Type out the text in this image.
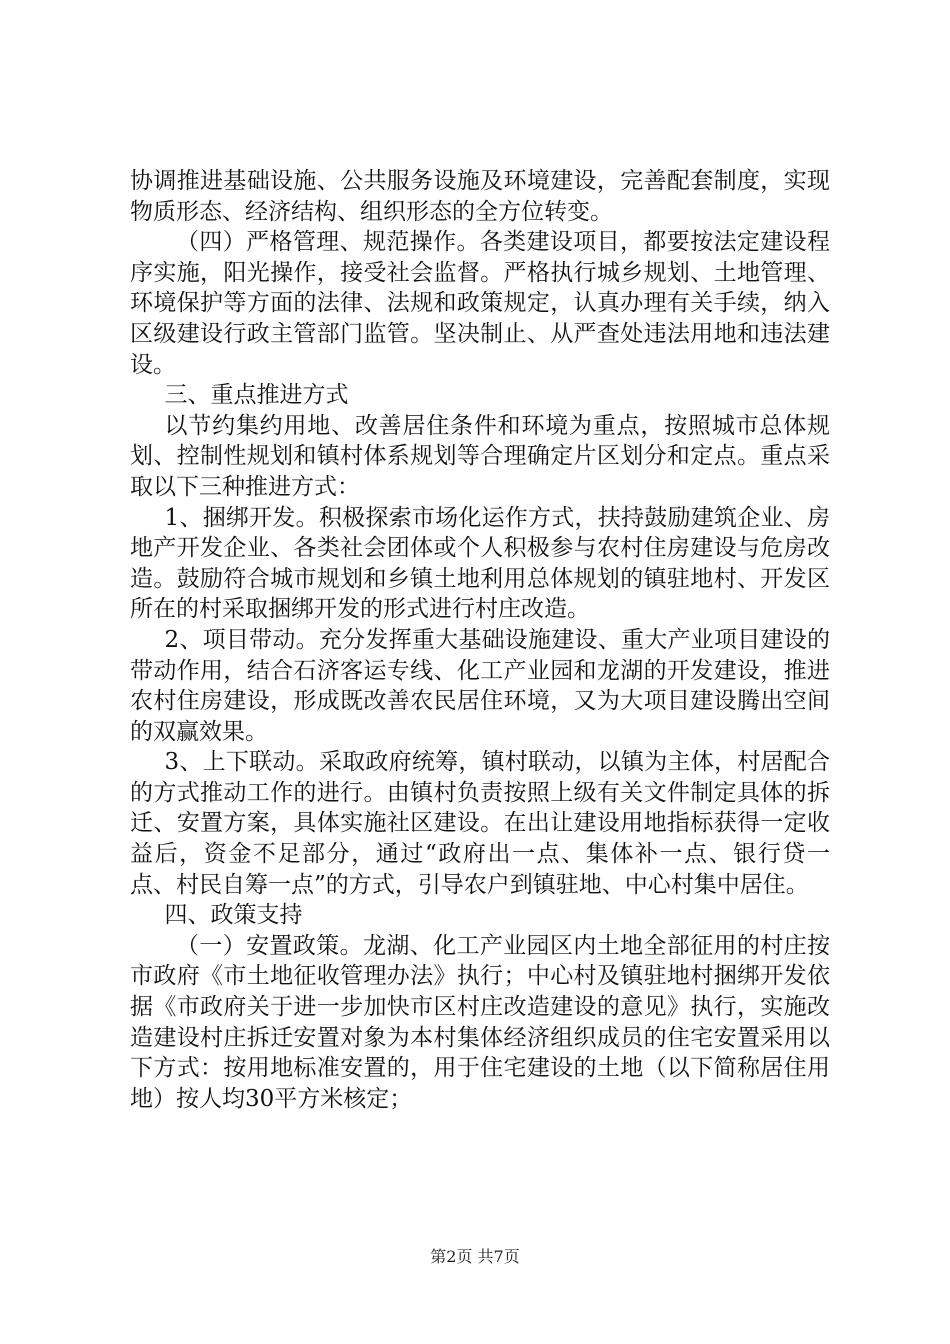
协调推进基础设施、公共服务设施及环境建设，完善配套制度，实现物质形态、经济结构、组织形态的全方位转变。

（四）严格管理、规范操作。各类建设项目，都要按法定建设程序实施，阳光操作，接受社会监督。严格执行城乡规划、土地管理、环境保护等方面的法律、法规和政策规定，认真办理有关手续，纳入区级建设行政主管部门监管。坚决制止、从严查处违法用地和违法建设。

三、重点推进方式

以节约集约用地、改善居住条件和环境为重点，按照城市总体规划、控制性规划和镇村体系规划等合理确定片区划分和定点。重点采取以下三种推进方式：

1、捆绑开发。积极探索市场化运作方式，扶持鼓励建筑企业、房地产开发企业、各类社会团体或个人积极参与农村住房建设与危房改造。鼓励符合城市规划和乡镇土地利用总体规划的镇驻地村、开发区所在的村采取捆绑开发的形式进行村庄改造。

2、项目带动。充分发挥重大基础设施建设、重大产业项目建设的带动作用，结合石济客运专线、化工产业园和龙湖的开发建设，推进农村住房建设，形成既改善农民居住环境，又为大项目建设腾出空间的双赢效果。

3、上下联动。采取政府统筹，镇村联动，以镇为主体，村居配合的方式推动工作的进行。由镇村负责按照上级有关文件制定具体的拆迁、安置方案，具体实施社区建设。在出让建设用地指标获得一定收益后，资金不足部分，通过“政府出一点、集体补一点、银行贷一点、村民自筹一点”的方式，引导农户到镇驻地、中心村集中居住。

四、政策支持

（一）安置政策。龙湖、化工产业园区内土地全部征用的村庄按市政府《市土地征收管理办法》执行；中心村及镇驻地村捆绑开发依据《市政府关于进一步加快市区村庄改造建设的意见》执行，实施改造建设村庄拆迁安置对象为本村集体经济组织成员的住宅安置采用以下方式：按用地标准安置的，用于住宅建设的土地（以下简称居住用地）按人均30平方米核定；

第2页 共7页
